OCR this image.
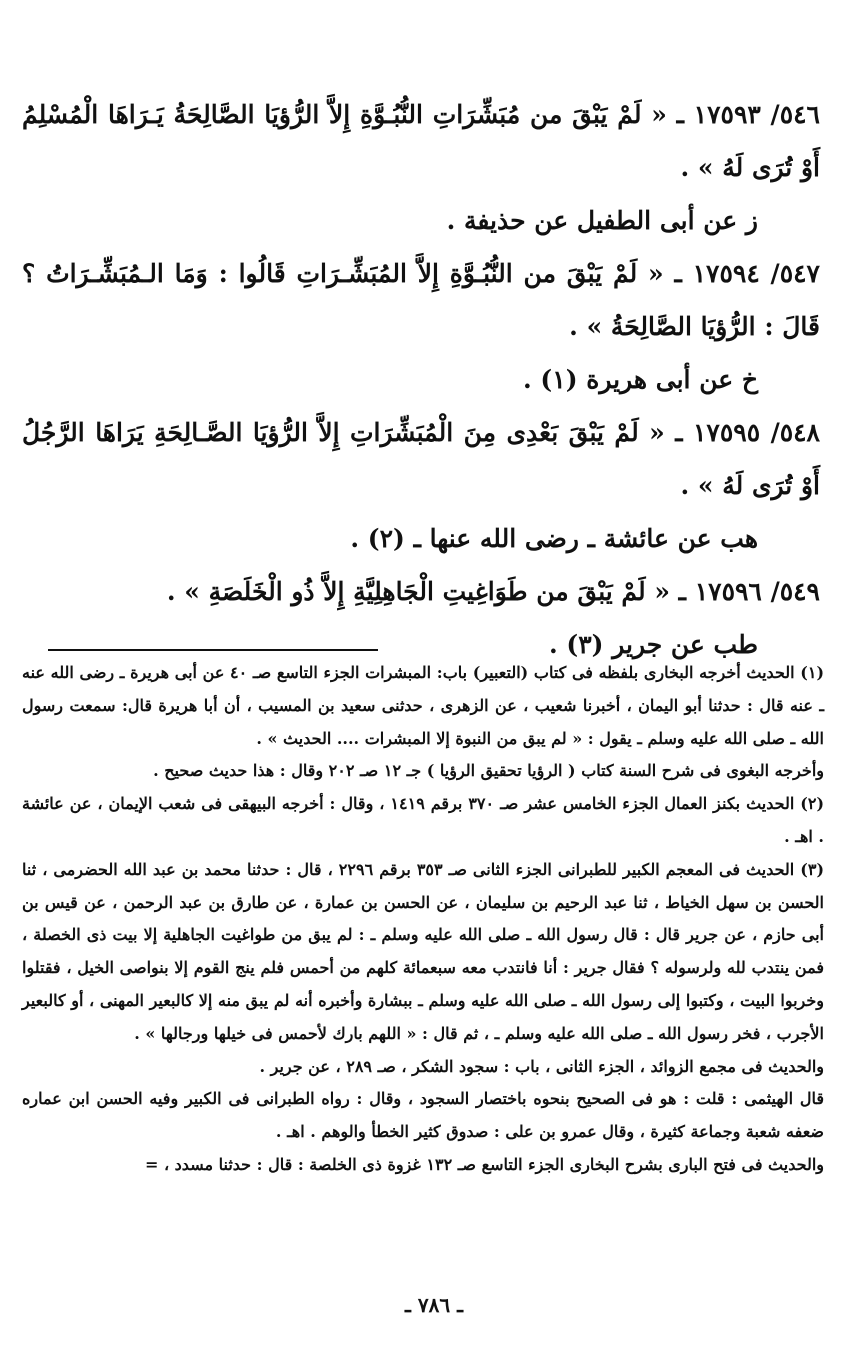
٥٤٦/ ١٧٥٩٣ ـ « لَمْ يَبْقَ من مُبَشِّرَاتِ النُّبُـوَّةِ إِلاَّ الرُّؤيَا الصَّالِحَةُ يَـرَاهَا الْمُسْلِمُ أَوْ تُرَى لَهُ » .

ز عن أبى الطفيل عن حذيفة .

٥٤٧/ ١٧٥٩٤ ـ « لَمْ يَبْقَ من النُّبُـوَّةِ إِلاَّ المُبَشِّـرَاتِ قَالُوا : وَمَا الـمُبَشِّـرَاتُ ؟ قَالَ : الرُّؤيَا الصَّالِحَةُ » .

خ عن أبى هريرة (١) .

٥٤٨/ ١٧٥٩٥ ـ « لَمْ يَبْقَ بَعْدِى مِنَ الْمُبَشِّرَاتِ إِلاَّ الرُّؤيَا الصَّـالِحَةِ يَرَاهَا الرَّجُلُ أَوْ تُرَى لَهُ » .

هب عن عائشة ـ رضى الله عنها ـ (٢) .

٥٤٩/ ١٧٥٩٦ ـ « لَمْ يَبْقَ من طَوَاغِيتِ الْجَاهِلِيَّةِ إِلاَّ ذُو الْخَلَصَةِ » .

طب عن جرير (٣) .

(١) الحديث أخرجه البخارى بلفظه فى كتاب (التعبير) باب: المبشرات الجزء التاسع صـ ٤٠ عن أبى هريرة ـ رضى الله عنه ـ عنه قال : حدثنا أبو اليمان ، أخبرنا شعيب ، عن الزهرى ، حدثنى سعيد بن المسيب ، أن أبا هريرة قال: سمعت رسول الله ـ صلى الله عليه وسلم ـ يقول : « لم يبق من النبوة إلا المبشرات .... الحديث » .

وأخرجه البغوى فى شرح السنة كتاب ( الرؤيا تحقيق الرؤيا ) جـ ١٢ صـ ٢٠٢ وقال : هذا حديث صحيح .

(٢) الحديث بكنز العمال الجزء الخامس عشر صـ ٣٧٠ برقم ١٤١٩ ، وقال : أخرجه البيهقى فى شعب الإيمان ، عن عائشة . اهـ .

(٣) الحديث فى المعجم الكبير للطبرانى الجزء الثانى صـ ٣٥٣ برقم ٢٢٩٦ ، قال : حدثنا محمد بن عبد الله الحضرمى ، ثنا الحسن بن سهل الخياط ، ثنا عبد الرحيم بن سليمان ، عن الحسن بن عمارة ، عن طارق بن عبد الرحمن ، عن قيس بن أبى حازم ، عن جرير قال : قال رسول الله ـ صلى الله عليه وسلم ـ : لم يبق من طواغيت الجاهلية إلا بيت ذى الخصلة ، فمن ينتدب لله ولرسوله ؟ فقال جرير : أنا فانتدب معه سبعمائة كلهم من أحمس فلم ينج القوم إلا بنواصى الخيل ، فقتلوا وخربوا البيت ، وكتبوا إلى رسول الله ـ صلى الله عليه وسلم ـ ببشارة وأخبره أنه لم يبق منه إلا كالبعير المهنى ، أو كالبعير الأجرب ، فخر رسول الله ـ صلى الله عليه وسلم ـ ، ثم قال : « اللهم بارك لأحمس فى خيلها ورجالها » .

والحديث فى مجمع الزوائد ، الجزء الثانى ، باب : سجود الشكر ، صـ ٢٨٩ ، عن جرير .

قال الهيثمى : قلت : هو فى الصحيح بنحوه باختصار السجود ، وقال : رواه الطبرانى فى الكبير وفيه الحسن ابن عماره ضعفه شعبة وجماعة كثيرة ، وقال عمرو بن على : صدوق كثير الخطأ والوهم . اهـ .

والحديث فى فتح البارى بشرح البخارى الجزء التاسع صـ ١٣٢ غزوة ذى الخلصة : قال : حدثنا مسدد ، =

ـ ٧٨٦ ـ
